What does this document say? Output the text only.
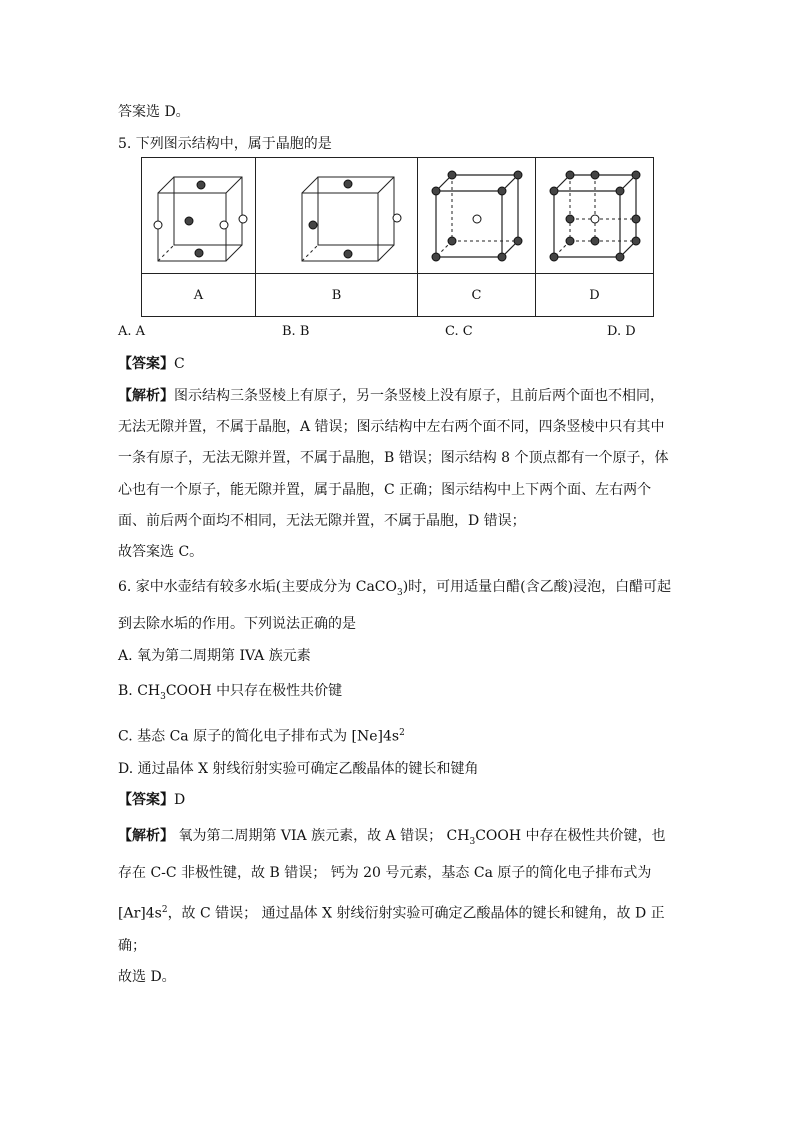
答案选 D。
5. 下列图示结构中，属于晶胞的是

A	B	C	D
A. A	B. B	C. C	D. D
【答案】C
【解析】图示结构三条竖棱上有原子，另一条竖棱上没有原子，且前后两个面也不相同，
无法无隙并置，不属于晶胞，A 错误；图示结构中左右两个面不同，四条竖棱中只有其中
一条有原子，无法无隙并置，不属于晶胞，B 错误；图示结构 8 个顶点都有一个原子，体
心也有一个原子，能无隙并置，属于晶胞，C 正确；图示结构中上下两个面、左右两个
面、前后两个面均不相同，无法无隙并置，不属于晶胞，D 错误；
故答案选 C。
6. 家中水壶结有较多水垢(主要成分为 CaCO$_3$)时，可用适量白醋(含乙酸)浸泡，白醋可起
到去除水垢的作用。下列说法正确的是
A. 氧为第二周期第 IVA 族元素
B. $CH_3COOH$ 中只存在极性共价键
C. 基态 Ca 原子的简化电子排布式为 $[Ne]4s^2$
D. 通过晶体 X 射线衍射实验可确定乙酸晶体的键长和键角
【答案】D
【解析】 氧为第二周期第 VIA 族元素，故 A 错误； $CH_3COOH$ 中存在极性共价键，也
存在 C-C 非极性键，故 B 错误； 钙为 20 号元素，基态 Ca 原子的简化电子排布式为
$[Ar]4s^2$，故 C 错误； 通过晶体 X 射线衍射实验可确定乙酸晶体的键长和键角，故 D 正
确；
故选 D。
